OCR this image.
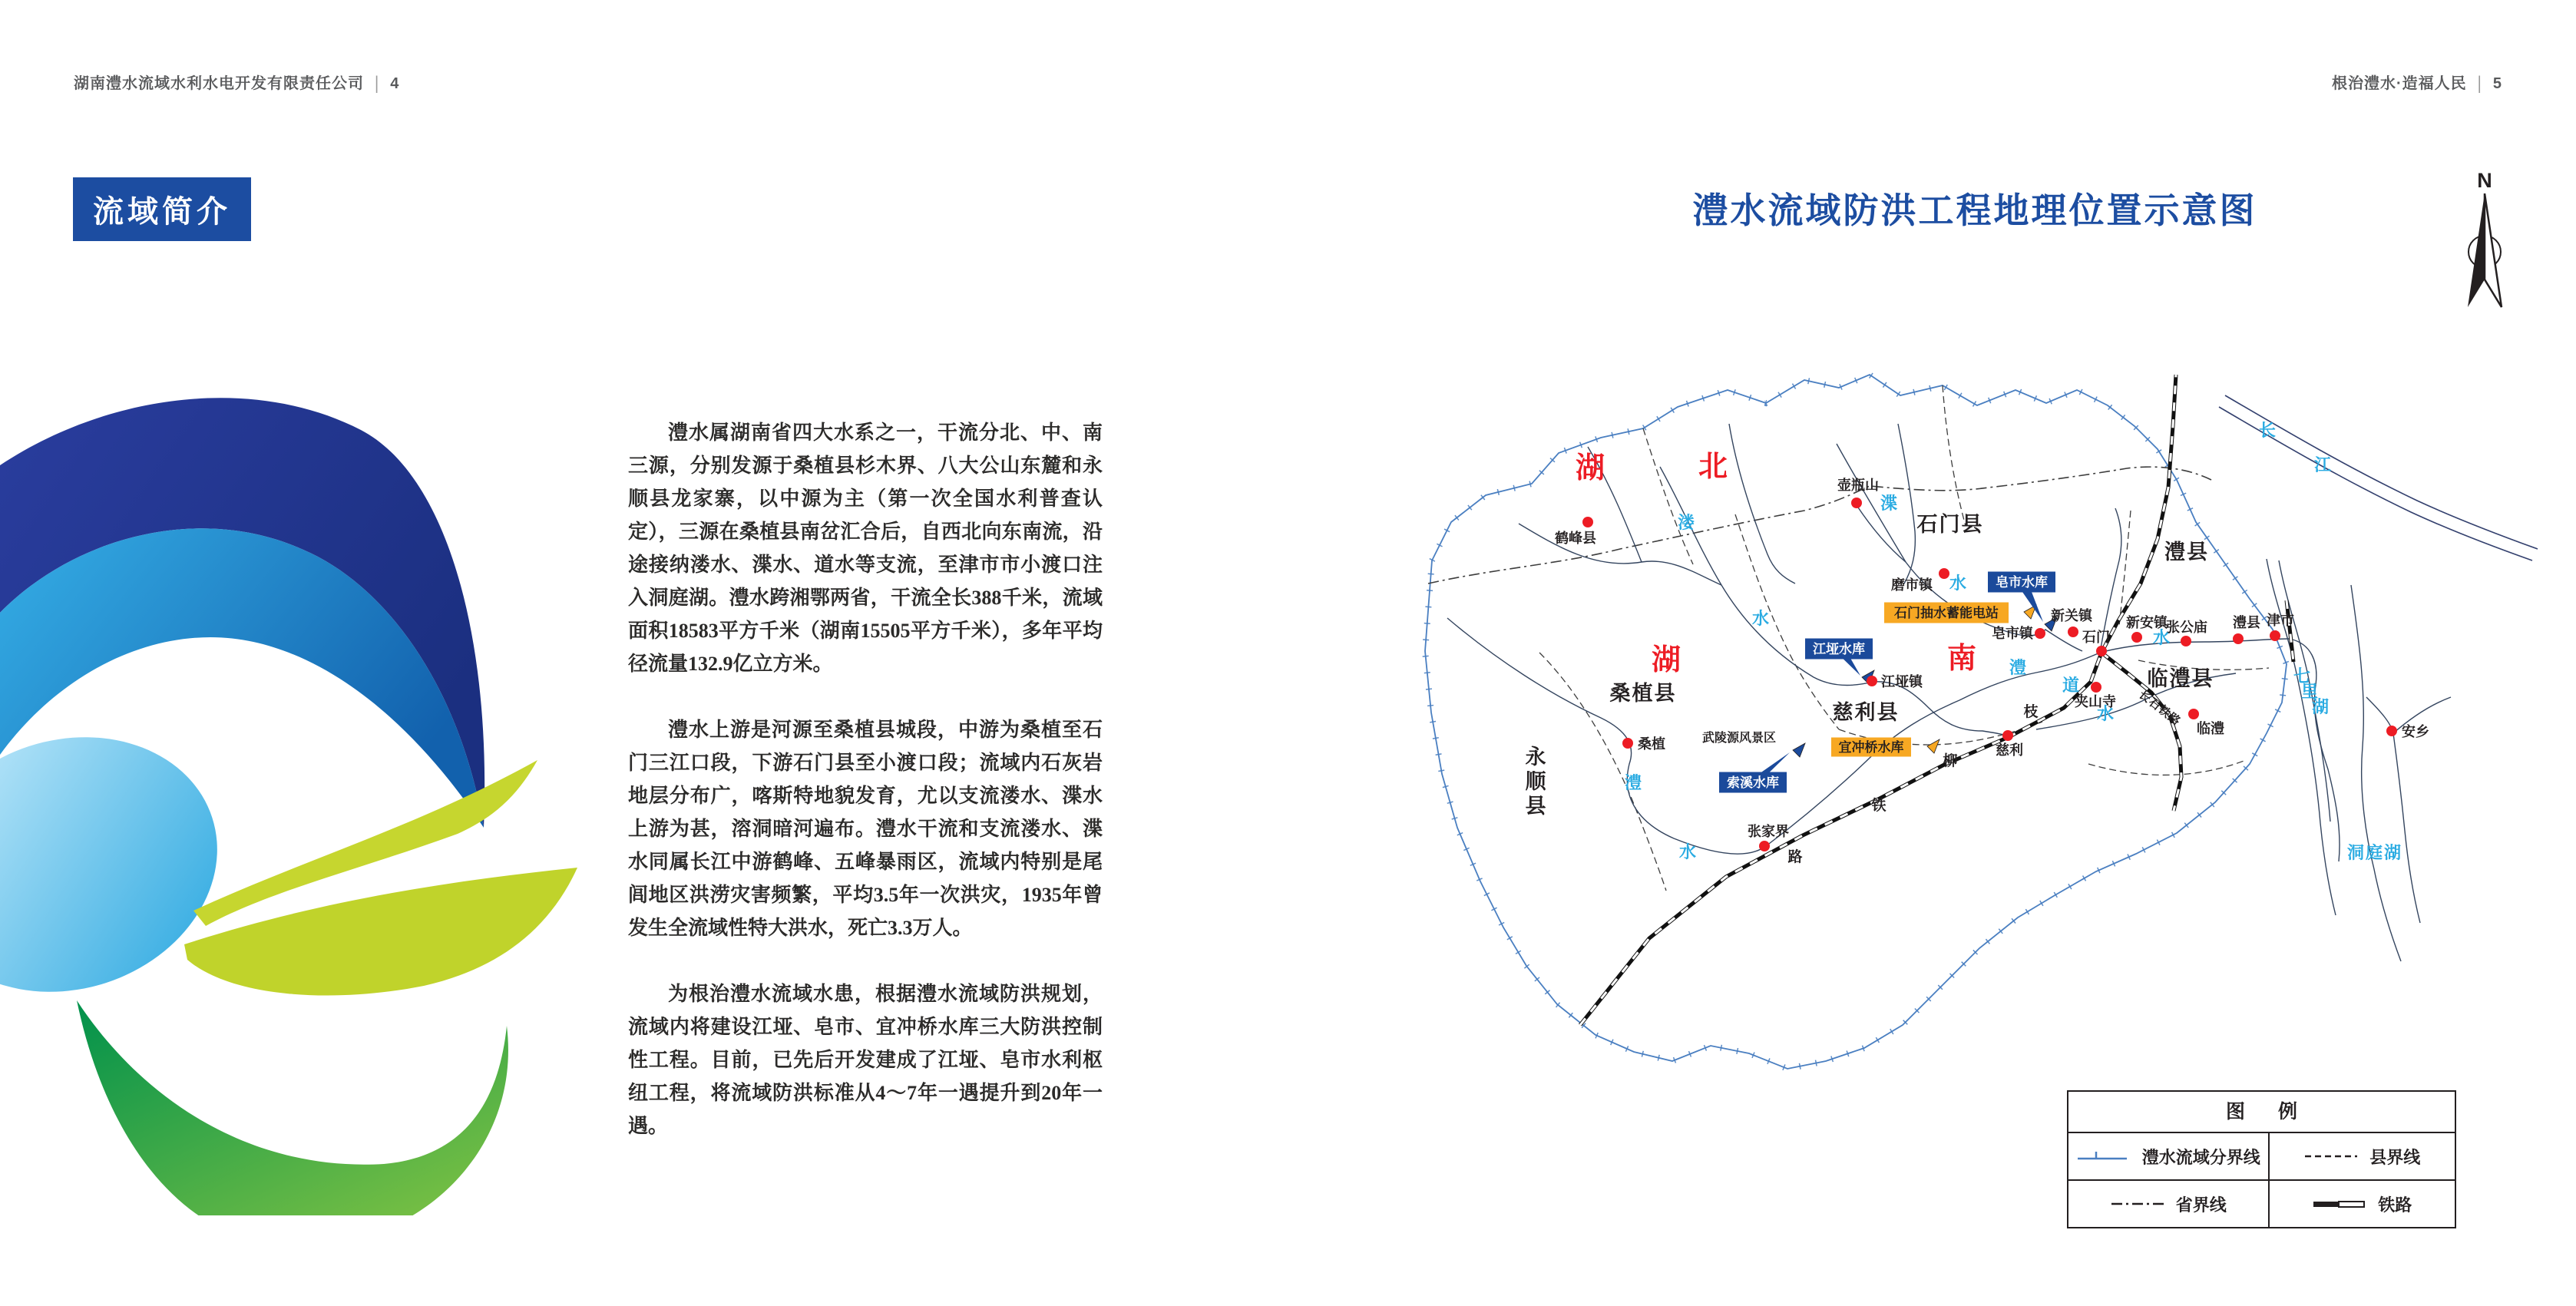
湖南澧水流域水利水电开发有限责任公司 | 4	根治澧水·造福人民 | 5
流域简介

澧水属湖南省四大水系之一，干流分北、中、南三源，分别发源于桑植县杉木界、八大公山东麓和永顺县龙家寨，以中源为主（第一次全国水利普查认定），三源在桑植县南岔汇合后，自西北向东南流，沿途接纳溇水、渫水、道水等支流，至津市市小渡口注入洞庭湖。澧水跨湘鄂两省，干流全长388千米，流域面积18583平方千米（湖南15505平方千米），多年平均径流量132.9亿立方米。

澧水上游是河源至桑植县城段，中游为桑植至石门三江口段，下游石门县至小渡口段；流域内石灰岩地层分布广，喀斯特地貌发育，尤以支流溇水、渫水上游为甚，溶洞暗河遍布。澧水干流和支流溇水、渫水同属长江中游鹤峰、五峰暴雨区，流域内特别是尾闾地区洪涝灾害频繁，平均3.5年一次洪灾，1935年曾发生全流域性特大洪水，死亡3.3万人。

为根治澧水流域水患，根据澧水流域防洪规划，流域内将建设江垭、皂市、宜冲桥水库三大防洪控制性工程。目前，已先后开发建成了江垭、皂市水利枢纽工程，将流域防洪标准从4～7年一遇提升到20年一遇。

澧水流域防洪工程地理位置示意图
N
湖	北
湖	南
石门县
澧县
临澧县
慈利县
桑植县
永
顺
县
武陵源风景区
溇
水
渫
水
澧
水
道
水
澧
水
长
江
七
里
湖
洞庭湖
枝
柳
铁
路
长石铁路
江垭水库
皂市水库
索溪水库
石门抽水蓄能电站
宜冲桥水库
鹤峰县
壶瓶山
磨市镇
皂市镇
新关镇
石门
新安镇
张公庙 澧县 津市
临澧
夹山寺
慈利
张家界
桑植
江垭镇
安乡
图 例
澧水流域分界线	县界线
省界线	铁路
